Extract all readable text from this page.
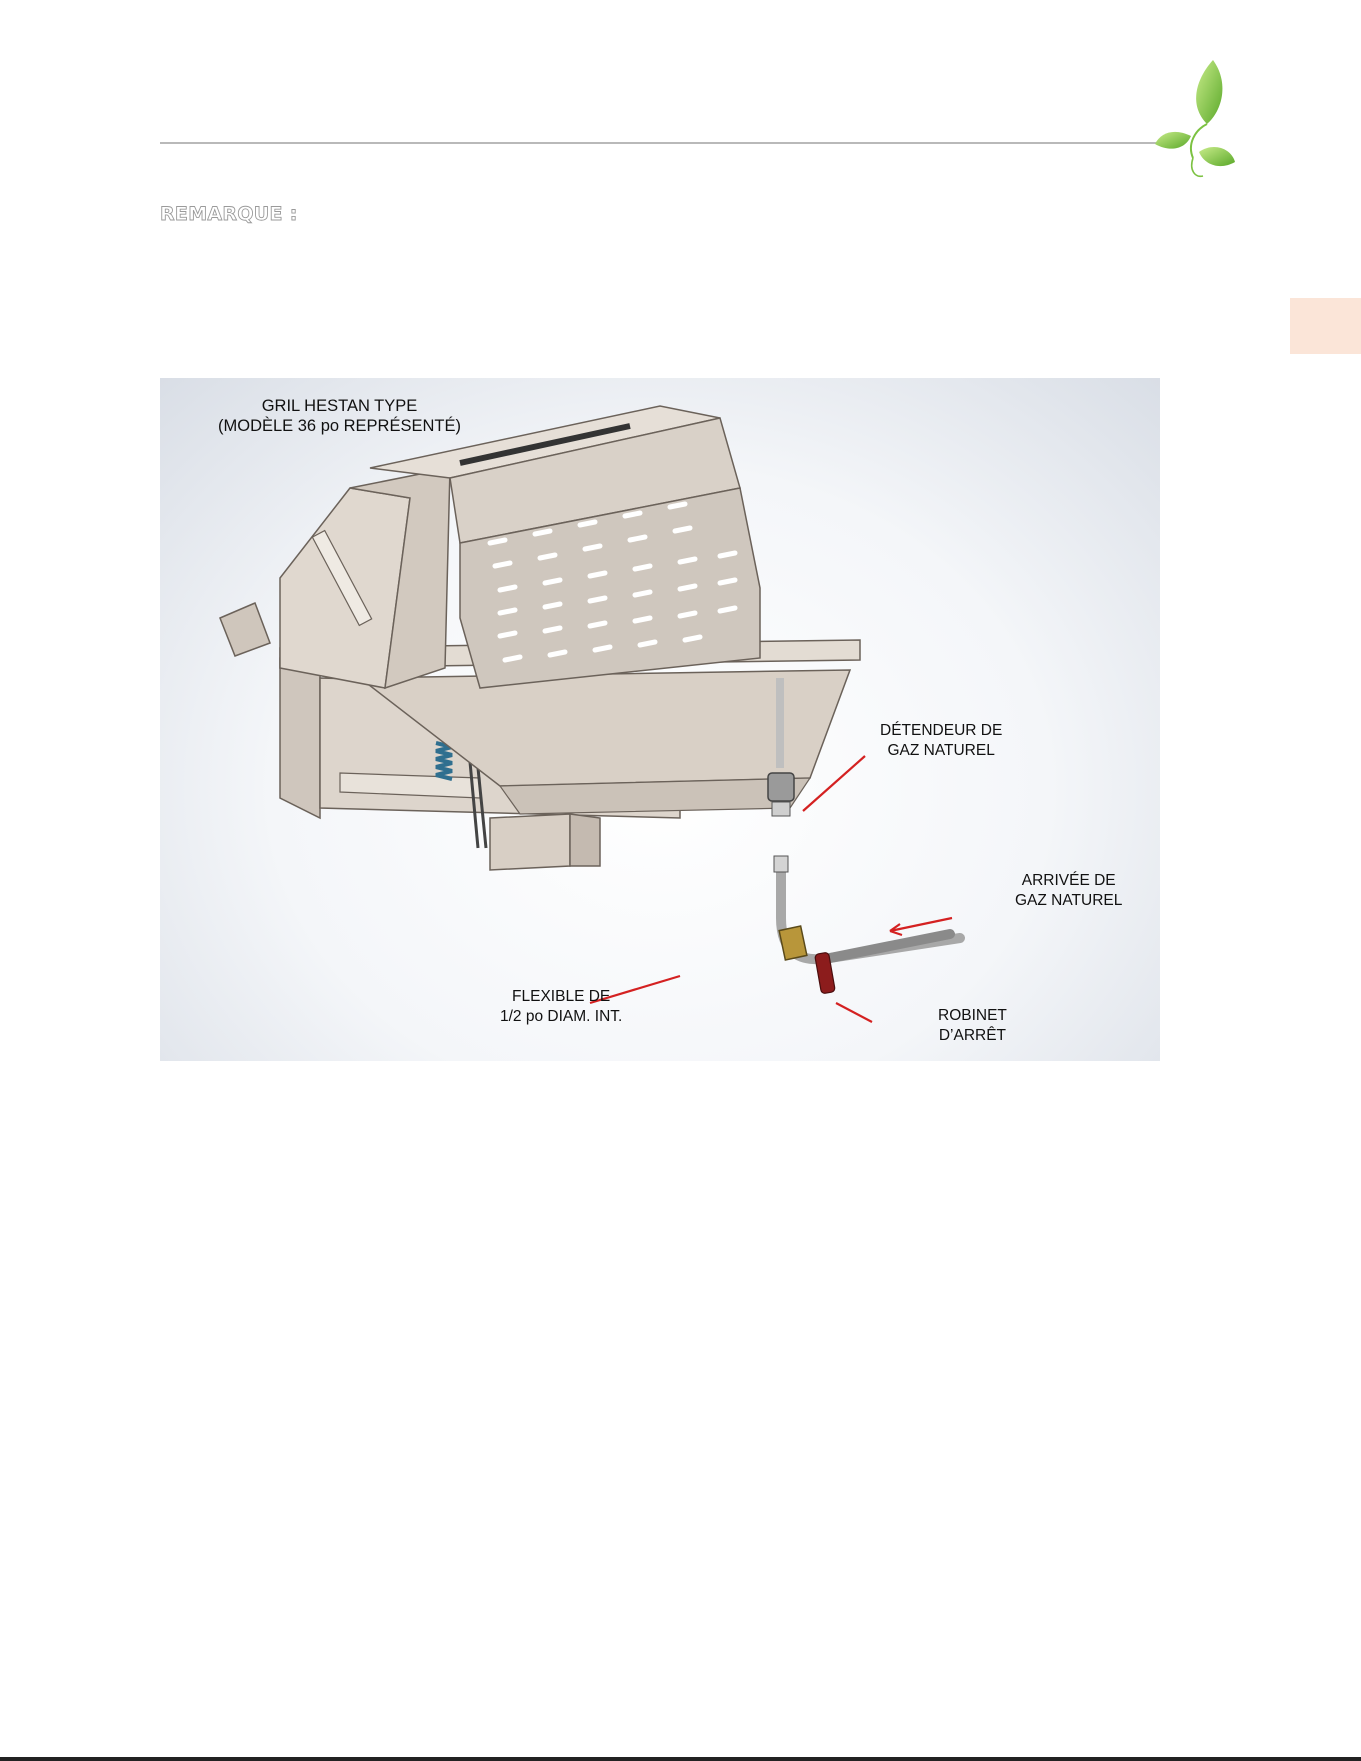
REMARQUE :
GRIL HESTAN TYPE
(MODÈLE 36 po REPRÉSENTÉ)
DÉTENDEUR DE
GAZ NATUREL
ARRIVÉE DE
GAZ NATUREL
FLEXIBLE DE
1/2 po DIAM. INT.	ROBINET
D’ARRÊT
